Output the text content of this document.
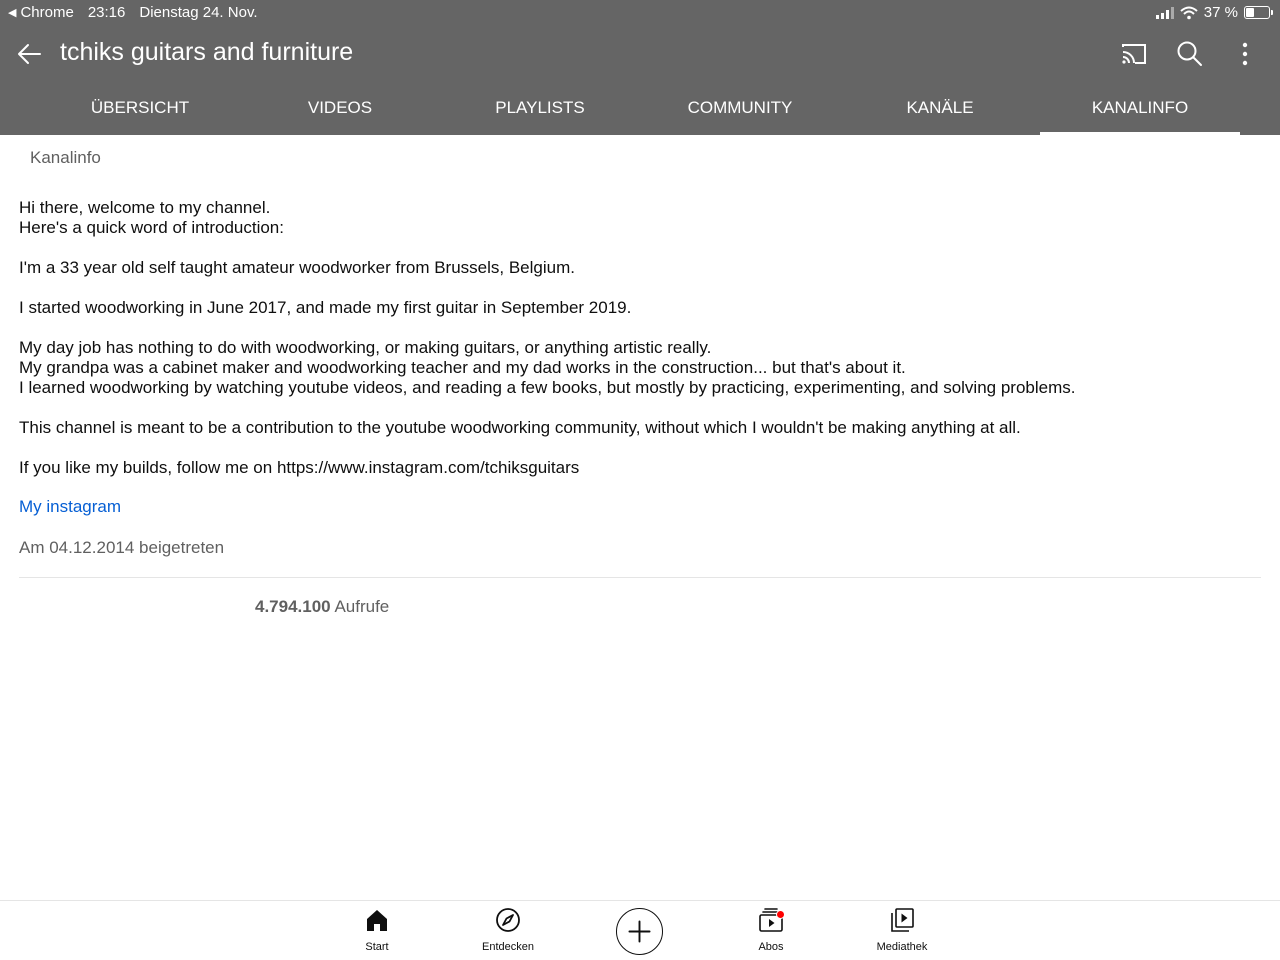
◀ Chrome 23:16 Dienstag 24. Nov.	37 %
tchiks guitars and furniture
ÜBERSICHT	VIDEOS	PLAYLISTS	COMMUNITY	KANÄLE	KANALINFO
Kanalinfo

Hi there, welcome to my channel.

Here's a quick word of introduction:

I'm a 33 year old self taught amateur woodworker from Brussels, Belgium.

I started woodworking in June 2017, and made my first guitar in September 2019.

My day job has nothing to do with woodworking, or making guitars, or anything artistic really.

My grandpa was a cabinet maker and woodworking teacher and my dad works in the construction... but that's about it.

I learned woodworking by watching youtube videos, and reading a few books, but mostly by practicing, experimenting, and solving problems.

This channel is meant to be a contribution to the youtube woodworking community, without which I wouldn't be making anything at all.

If you like my builds, follow me on https://www.instagram.com/tchiksguitars

My instagram
Am 04.12.2014 beigetreten
4.794.100 Aufrufe
Start	Entdecken	Abos	Mediathek
